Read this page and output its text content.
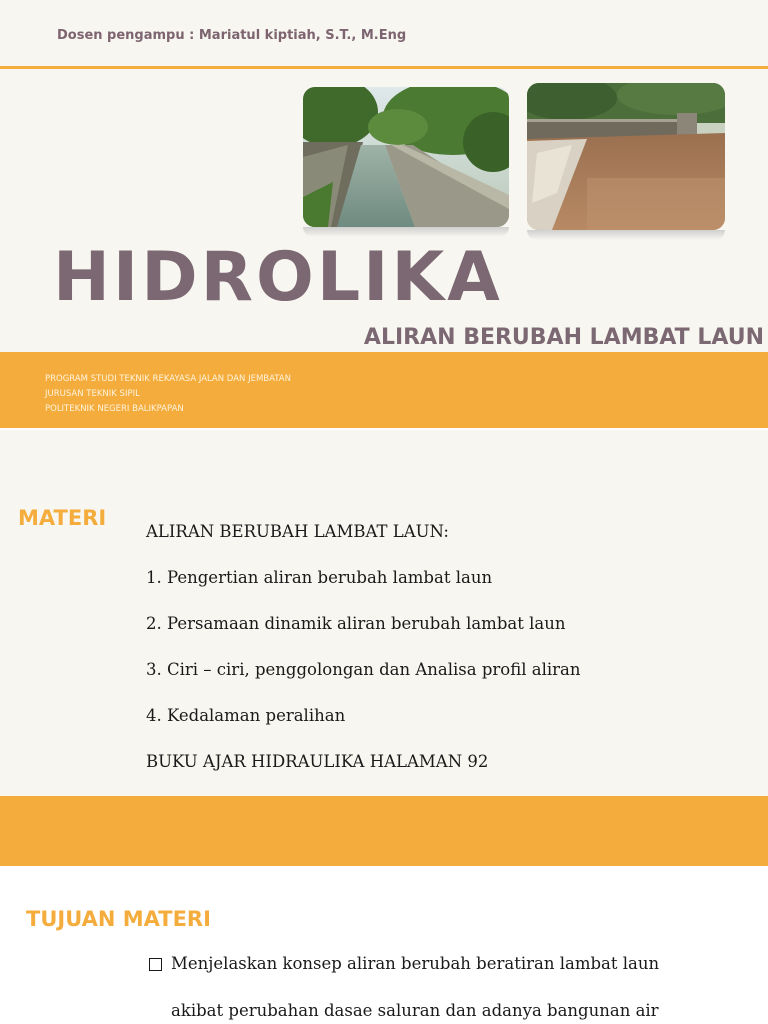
Dosen pengampu : Mariatul kiptiah, S.T., M.Eng
HIDROLIKA
ALIRAN BERUBAH LAMBAT LAUN
PROGRAM STUDI TEKNIK REKAYASA JALAN DAN JEMBATAN
JURUSAN TEKNIK SIPIL
POLITEKNIK NEGERI BALIKPAPAN
MATERI
ALIRAN BERUBAH LAMBAT LAUN:
1. Pengertian aliran berubah lambat laun
2. Persamaan dinamik aliran berubah lambat laun
3. Ciri – ciri, penggolongan dan Analisa profil aliran
4. Kedalaman peralihan
BUKU AJAR HIDRAULIKA HALAMAN 92
TUJUAN MATERI
Menjelaskan konsep aliran berubah beratiran lambat laun
akibat perubahan dasae saluran dan adanya bangunan air
